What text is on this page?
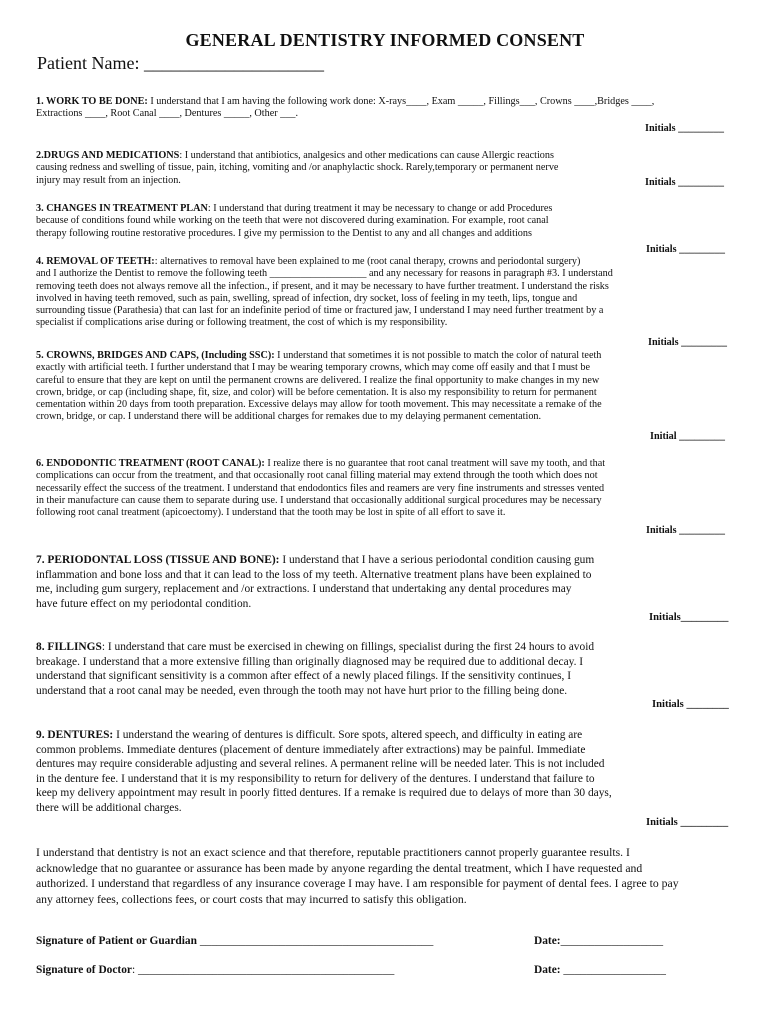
GENERAL DENTISTRY INFORMED CONSENT
Patient Name: ____________________

1. WORK TO BE DONE: I understand that I am having the following work done: X-rays____, Exam _____, Fillings___, Crowns ____,Bridges ____,
Extractions ____, Root Canal ____, Dentures _____, Other ___.

Initials _________

2.DRUGS AND MEDICATIONS: I understand that antibiotics, analgesics and other medications can cause Allergic reactions
causing redness and swelling of tissue, pain, itching, vomiting and /or anaphylactic shock. Rarely,temporary or permanent nerve
injury may result from an injection.	Initials _________

3. CHANGES IN TREATMENT PLAN: I understand that during treatment it may be necessary to change or add Procedures
because of conditions found while working on the teeth that were not discovered during examination. For example, root canal
therapy following routine restorative procedures. I give my permission to the Dentist to any and all changes and additions

Initials _________

4. REMOVAL OF TEETH:: alternatives to removal have been explained to me (root canal therapy, crowns and periodontal surgery)
and I authorize the Dentist to remove the following teeth ___________________ and any necessary for reasons in paragraph #3. I understand
removing teeth does not always remove all the infection., if present, and it may be necessary to have further treatment. I understand the risks
involved in having teeth removed, such as pain, swelling, spread of infection, dry socket, loss of feeling in my teeth, lips, tongue and
surrounding tissue (Parathesia) that can last for an indefinite period of time or fractured jaw, I understand I may need further treatment by a
specialist if complications arise during or following treatment, the cost of which is my responsibility.

Initials _________

5. CROWNS, BRIDGES AND CAPS, (Including SSC): I understand that sometimes it is not possible to match the color of natural teeth
exactly with artificial teeth. I further understand that I may be wearing temporary crowns, which may come off easily and that I must be
careful to ensure that they are kept on until the permanent crowns are delivered. I realize the final opportunity to make changes in my new
crown, bridge, or cap (including shape, fit, size, and color) will be before cementation. It is also my responsibility to return for permanent
cementation within 20 days from tooth preparation. Excessive delays may allow for tooth movement. This may necessitate a remake of the
crown, bridge, or cap. I understand there will be additional charges for remakes due to my delaying permanent cementation.

Initial _________

6. ENDODONTIC TREATMENT (ROOT CANAL): I realize there is no guarantee that root canal treatment will save my tooth, and that
complications can occur from the treatment, and that occasionally root canal filling material may extend through the tooth which does not
necessarily effect the success of the treatment. I understand that endodontics files and reamers are very fine instruments and stresses vented
in their manufacture can cause them to separate during use. I understand that occasionally additional surgical procedures may be necessary
following root canal treatment (apicoectomy). I understand that the tooth may be lost in spite of all effort to save it.

Initials _________

7. PERIODONTAL LOSS (TISSUE AND BONE): I understand that I have a serious periodontal condition causing gum
inflammation and bone loss and that it can lead to the loss of my teeth. Alternative treatment plans have been explained to
me, including gum surgery, replacement and /or extractions. I understand that undertaking any dental procedures may
have future effect on my periodontal condition.

Initials_________

8. FILLINGS: I understand that care must be exercised in chewing on fillings, specialist during the first 24 hours to avoid
breakage. I understand that a more extensive filling than originally diagnosed may be required due to additional decay. I
understand that significant sensitivity is a common after effect of a newly placed filings. If the sensitivity continues, I
understand that a root canal may be needed, even through the tooth may not have hurt prior to the filling being done.

Initials ________

9. DENTURES: I understand the wearing of dentures is difficult. Sore spots, altered speech, and difficulty in eating are
common problems. Immediate dentures (placement of denture immediately after extractions) may be painful. Immediate
dentures may require considerable adjusting and several relines. A permanent reline will be needed later. This is not included
in the denture fee. I understand that it is my responsibility to return for delivery of the dentures. I understand that failure to
keep my delivery appointment may result in poorly fitted dentures. If a remake is required due to delays of more than 30 days,
there will be additional charges.

Initials _________

I understand that dentistry is not an exact science and that therefore, reputable practitioners cannot properly guarantee results. I
acknowledge that no guarantee or assurance has been made by anyone regarding the dental treatment, which I have requested and
authorized. I understand that regardless of any insurance coverage I may have. I am responsible for payment of dental fees. I agree to pay
any attorney fees, collections fees, or court costs that may incurred to satisfy this obligation.

Signature of Patient or Guardian _________________________________________	Date:__________________
Signature of Doctor: _____________________________________________	Date: __________________
